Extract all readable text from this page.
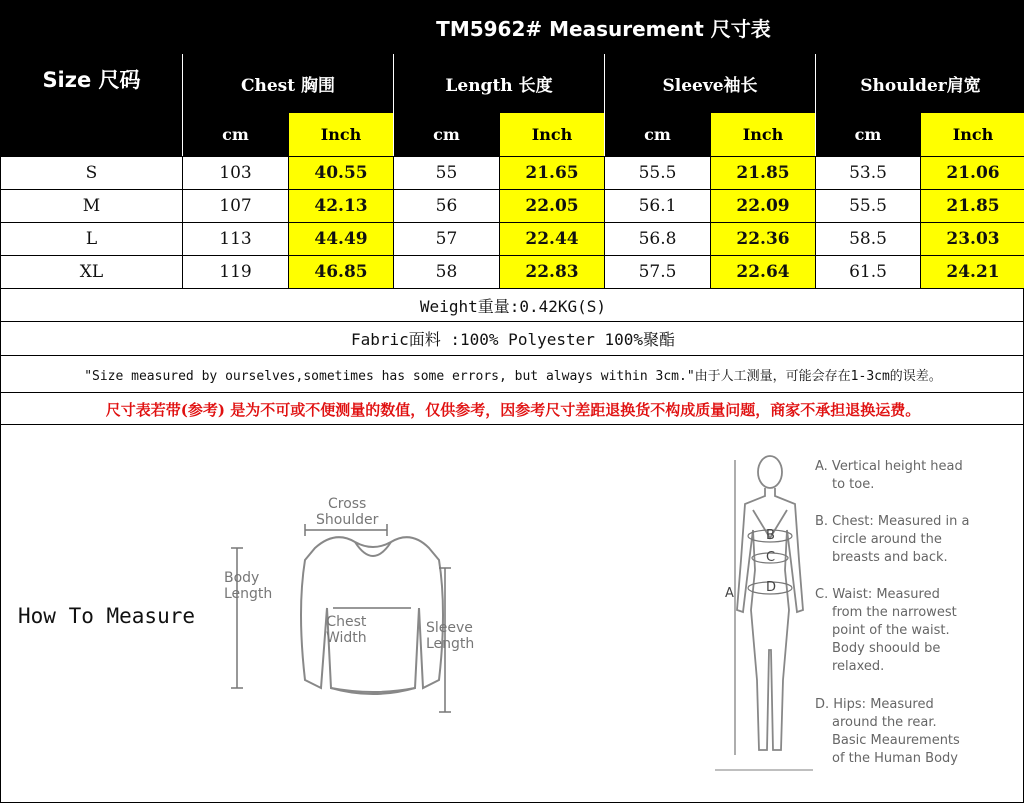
Size 尺码
TM5962# Measurement 尺寸表
Chest 胸围	Length 长度	Sleeve袖长	Shoulder肩宽
cm	Inch	cm	Inch	cm	Inch	cm	Inch
S	103	40.55	55	21.65	55.5	21.85	53.5	21.06
M	107	42.13	56	22.05	56.1	22.09	55.5	21.85
L	113	44.49	57	22.44	56.8	22.36	58.5	23.03
XL	119	46.85	58	22.83	57.5	22.64	61.5	24.21
Weight重量:0.42KG(S)
Fabric面料 :100% Polyester 100%聚酯
"Size measured by ourselves,sometimes has some errors, but always within 3cm."由于人工测量，可能会存在1-3cm的误差。
尺寸表若带(参考) 是为不可或不便测量的数值，仅供参考，因参考尺寸差距退换货不构成质量问题，商家不承担退换运费。
How To Measure
Cross
Shoulder
Body
Length
Chest
Width
Sleeve
Length
B
C
D
A
A. Vertical height head
to toe.
B. Chest: Measured in a
circle around the
breasts and back.
C. Waist: Measured
from the narrowest
point of the waist.
Body shoould be
relaxed.
D. Hips: Measured
around the rear.
Basic Meaurements
of the Human Body
